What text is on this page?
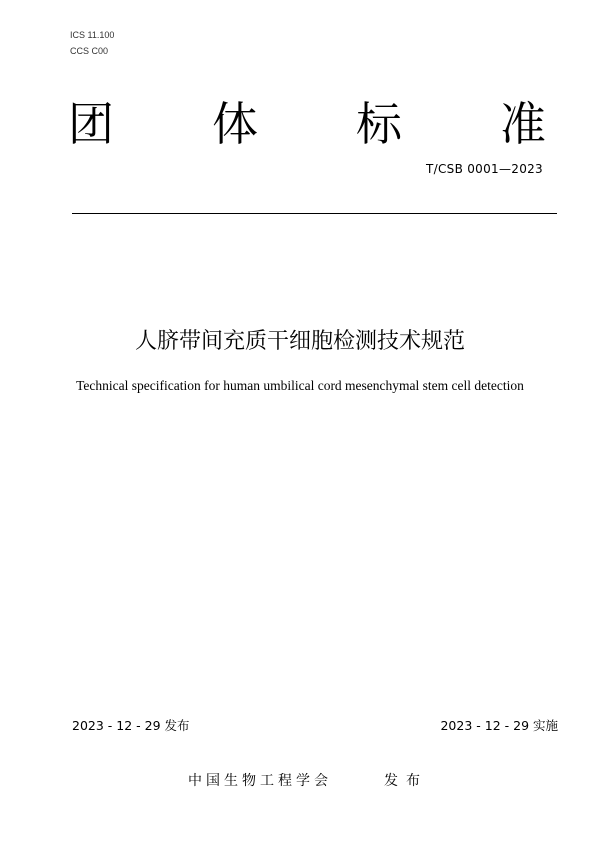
ICS 11.100
CCS C00
团 体 标 准
T/CSB 0001—2023
人脐带间充质干细胞检测技术规范
Technical specification for human umbilical cord mesenchymal stem cell detection
2023 - 12 - 29 发布	2023 - 12 - 29 实施
中国生物工程学会	发布
